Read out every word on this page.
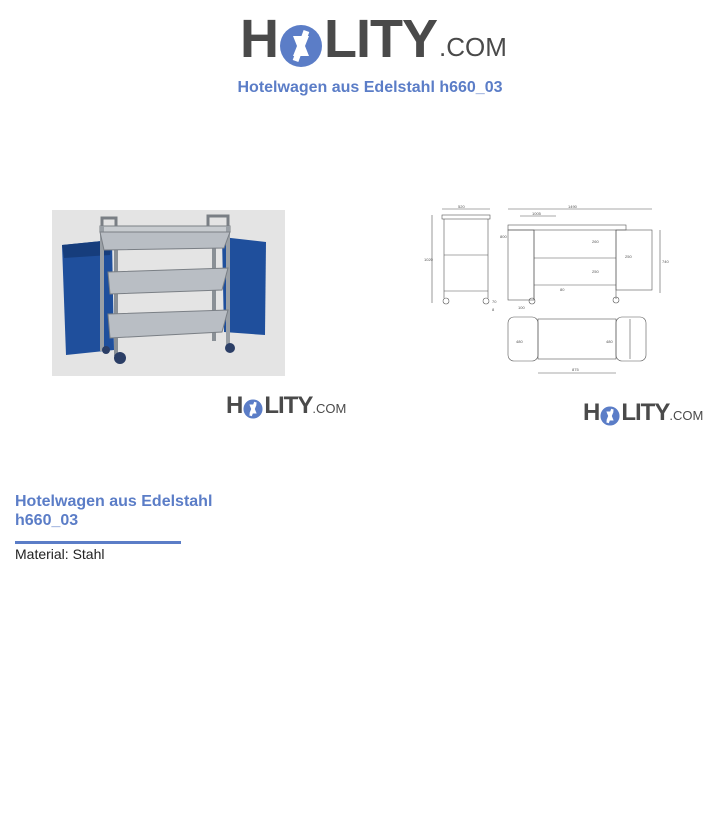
H LITY .COM
Hotelwagen aus Edelstahl h660_03
520	1490
1005
1020	740
260
250
250
80
8
480	480
875
100
800
70
H LITY .COM	H LITY .COM
Hotelwagen aus Edelstahl h660_03
Material: Stahl
